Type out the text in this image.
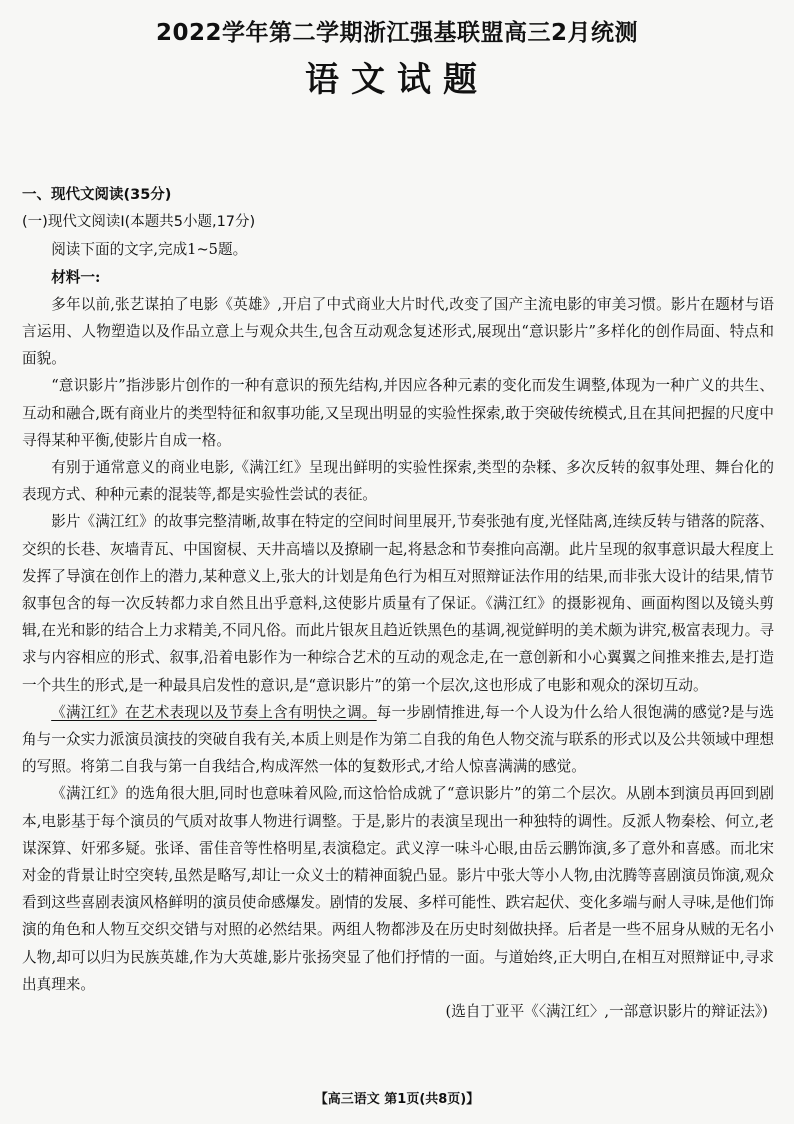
2022学年第二学期浙江强基联盟高三2月统测
语文试题

一、现代文阅读(35分)

(一)现代文阅读Ⅰ(本题共5小题,17分)

阅读下面的文字,完成1~5题。

材料一:

多年以前,张艺谋拍了电影《英雄》,开启了中式商业大片时代,改变了国产主流电影的审美习惯。影片在题材与语言运用、人物塑造以及作品立意上与观众共生,包含互动观念复述形式,展现出“意识影片”多样化的创作局面、特点和面貌。

“意识影片”指涉影片创作的一种有意识的预先结构,并因应各种元素的变化而发生调整,体现为一种广义的共生、互动和融合,既有商业片的类型特征和叙事功能,又呈现出明显的实验性探索,敢于突破传统模式,且在其间把握的尺度中寻得某种平衡,使影片自成一格。

有别于通常意义的商业电影,《满江红》呈现出鲜明的实验性探索,类型的杂糅、多次反转的叙事处理、舞台化的表现方式、种种元素的混装等,都是实验性尝试的表征。

影片《满江红》的故事完整清晰,故事在特定的空间时间里展开,节奏张弛有度,光怪陆离,连续反转与错落的院落、交织的长巷、灰墙青瓦、中国窗棂、天井高墙以及撩刷一起,将悬念和节奏推向高潮。此片呈现的叙事意识最大程度上发挥了导演在创作上的潜力,某种意义上,张大的计划是角色行为相互对照辩证法作用的结果,而非张大设计的结果,情节叙事包含的每一次反转都力求自然且出乎意料,这使影片质量有了保证。《满江红》的摄影视角、画面构图以及镜头剪辑,在光和影的结合上力求精美,不同凡俗。而此片银灰且趋近铁黑色的基调,视觉鲜明的美术颇为讲究,极富表现力。寻求与内容相应的形式、叙事,沿着电影作为一种综合艺术的互动的观念走,在一意创新和小心翼翼之间推来推去,是打造一个共生的形式,是一种最具启发性的意识,是“意识影片”的第一个层次,这也形成了电影和观众的深切互动。

《满江红》在艺术表现以及节奏上含有明快之调。每一步剧情推进,每一个人设为什么给人很饱满的感觉?是与选角与一众实力派演员演技的突破自我有关,本质上则是作为第二自我的角色人物交流与联系的形式以及公共领域中理想的写照。将第二自我与第一自我结合,构成浑然一体的复数形式,才给人惊喜满满的感觉。

《满江红》的选角很大胆,同时也意味着风险,而这恰恰成就了“意识影片”的第二个层次。从剧本到演员再回到剧本,电影基于每个演员的气质对故事人物进行调整。于是,影片的表演呈现出一种独特的调性。反派人物秦桧、何立,老谋深算、奸邪多疑。张译、雷佳音等性格明星,表演稳定。武义淳一味斗心眼,由岳云鹏饰演,多了意外和喜感。而北宋对金的背景让时空突转,虽然是略写,却让一众义士的精神面貌凸显。影片中张大等小人物,由沈腾等喜剧演员饰演,观众看到这些喜剧表演风格鲜明的演员使命感爆发。剧情的发展、多样可能性、跌宕起伏、变化多端与耐人寻味,是他们饰演的角色和人物互交织交错与对照的必然结果。两组人物都涉及在历史时刻做抉择。后者是一些不屈身从贼的无名小人物,却可以归为民族英雄,作为大英雄,影片张扬突显了他们抒情的一面。与道始终,正大明白,在相互对照辩证中,寻求出真理来。

(选自丁亚平《〈满江红〉,一部意识影片的辩证法》)

【高三语文 第1页(共8页)】
